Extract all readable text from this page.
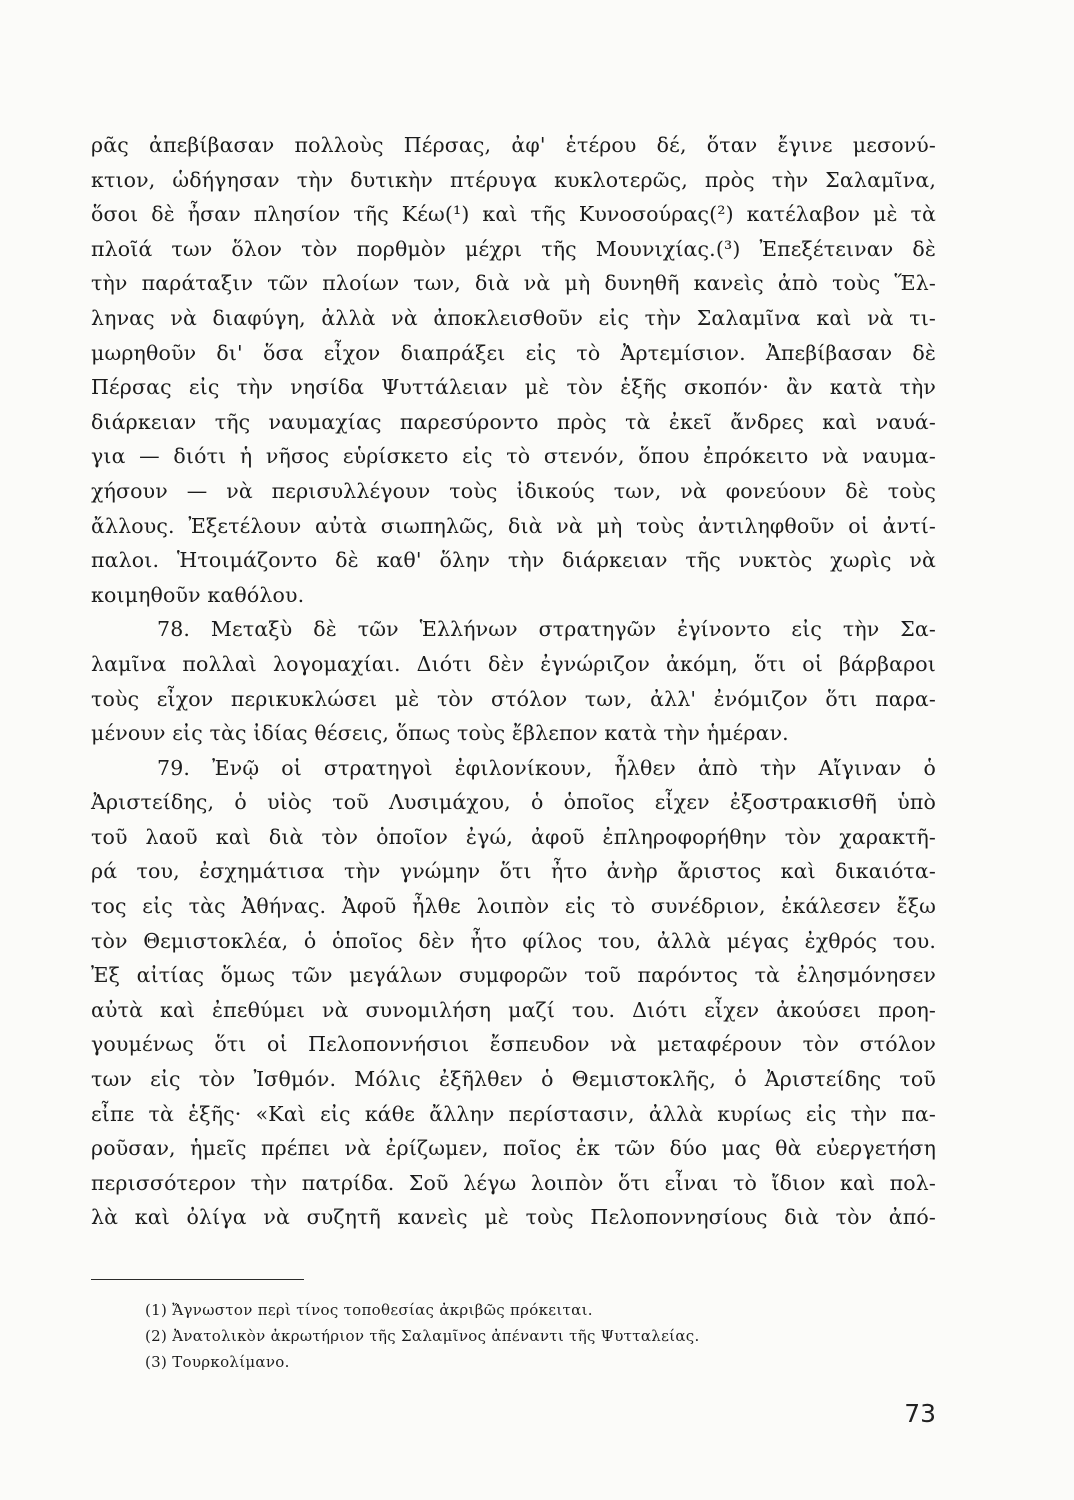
ρᾶς ἀπεβίβασαν πολλοὺς Πέρσας, ἀφ' ἑτέρου δέ, ὅταν ἔγινε μεσονύ-
κτιον, ὡδήγησαν τὴν δυτικὴν πτέρυγα κυκλοτερῶς, πρὸς τὴν Σαλαμῖνα,
ὅσοι δὲ ἦσαν πλησίον τῆς Κέω(¹) καὶ τῆς Κυνοσούρας(²) κατέλαβον μὲ τὰ
πλοῖά των ὅλον τὸν πορθμὸν μέχρι τῆς Μουνιχίας.(³) Ἐπεξέτειναν δὲ
τὴν παράταξιν τῶν πλοίων των, διὰ νὰ μὴ δυνηθῆ κανεὶς ἀπὸ τοὺς Ἕλ-
ληνας νὰ διαφύγη, ἀλλὰ νὰ ἀποκλεισθοῦν εἰς τὴν Σαλαμῖνα καὶ νὰ τι-
μωρηθοῦν δι' ὅσα εἶχον διαπράξει εἰς τὸ Ἀρτεμίσιον. Ἀπεβίβασαν δὲ
Πέρσας εἰς τὴν νησίδα Ψυττάλειαν μὲ τὸν ἑξῆς σκοπόν· ἂν κατὰ τὴν
διάρκειαν τῆς ναυμαχίας παρεσύροντο πρὸς τὰ ἐκεῖ ἄνδρες καὶ ναυά-
για — διότι ἡ νῆσος εὑρίσκετο εἰς τὸ στενόν, ὅπου ἐπρόκειτο νὰ ναυμα-
χήσουν — νὰ περισυλλέγουν τοὺς ἰδικούς των, νὰ φονεύουν δὲ τοὺς
ἄλλους. Ἐξετέλουν αὐτὰ σιωπηλῶς, διὰ νὰ μὴ τοὺς ἀντιληφθοῦν οἱ ἀντί-
παλοι. Ἡτοιμάζοντο δὲ καθ' ὅλην τὴν διάρκειαν τῆς νυκτὸς χωρὶς νὰ
κοιμηθοῦν καθόλου.
78. Μεταξὺ δὲ τῶν Ἑλλήνων στρατηγῶν ἐγίνοντο εἰς τὴν Σα-
λαμῖνα πολλαὶ λογομαχίαι. Διότι δὲν ἐγνώριζον ἀκόμη, ὅτι οἱ βάρβαροι
τοὺς εἶχον περικυκλώσει μὲ τὸν στόλον των, ἀλλ' ἐνόμιζον ὅτι παρα-
μένουν εἰς τὰς ἰδίας θέσεις, ὅπως τοὺς ἔβλεπον κατὰ τὴν ἡμέραν.
79. Ἐνῷ οἱ στρατηγοὶ ἐφιλονίκουν, ἦλθεν ἀπὸ τὴν Αἴγιναν ὁ
Ἀριστείδης, ὁ υἱὸς τοῦ Λυσιμάχου, ὁ ὁποῖος εἶχεν ἐξοστρακισθῆ ὑπὸ
τοῦ λαοῦ καὶ διὰ τὸν ὁποῖον ἐγώ, ἀφοῦ ἐπληροφορήθην τὸν χαρακτῆ-
ρά του, ἐσχημάτισα τὴν γνώμην ὅτι ἦτο ἀνὴρ ἄριστος καὶ δικαιότα-
τος εἰς τὰς Ἀθήνας. Ἀφοῦ ἦλθε λοιπὸν εἰς τὸ συνέδριον, ἐκάλεσεν ἔξω
τὸν Θεμιστοκλέα, ὁ ὁποῖος δὲν ἦτο φίλος του, ἀλλὰ μέγας ἐχθρός του.
Ἐξ αἰτίας ὅμως τῶν μεγάλων συμφορῶν τοῦ παρόντος τὰ ἐλησμόνησεν
αὐτὰ καὶ ἐπεθύμει νὰ συνομιλήση μαζί του. Διότι εἶχεν ἀκούσει προη-
γουμένως ὅτι οἱ Πελοποννήσιοι ἔσπευδον νὰ μεταφέρουν τὸν στόλον
των εἰς τὸν Ἰσθμόν. Μόλις ἐξῆλθεν ὁ Θεμιστοκλῆς, ὁ Ἀριστείδης τοῦ
εἶπε τὰ ἑξῆς· «Καὶ εἰς κάθε ἄλλην περίστασιν, ἀλλὰ κυρίως εἰς τὴν πα-
ροῦσαν, ἡμεῖς πρέπει νὰ ἐρίζωμεν, ποῖος ἐκ τῶν δύο μας θὰ εὐεργετήση
περισσότερον τὴν πατρίδα. Σοῦ λέγω λοιπὸν ὅτι εἶναι τὸ ἴδιον καὶ πολ-
λὰ καὶ ὀλίγα νὰ συζητῆ κανεὶς μὲ τοὺς Πελοποννησίους διὰ τὸν ἀπό-
(1) Ἄγνωστον περὶ τίνος τοποθεσίας ἀκριβῶς πρόκειται.
(2) Ἀνατολικὸν ἀκρωτήριον τῆς Σαλαμῖνος ἀπέναντι τῆς Ψυτταλείας.
(3) Τουρκολίμανο.
73
